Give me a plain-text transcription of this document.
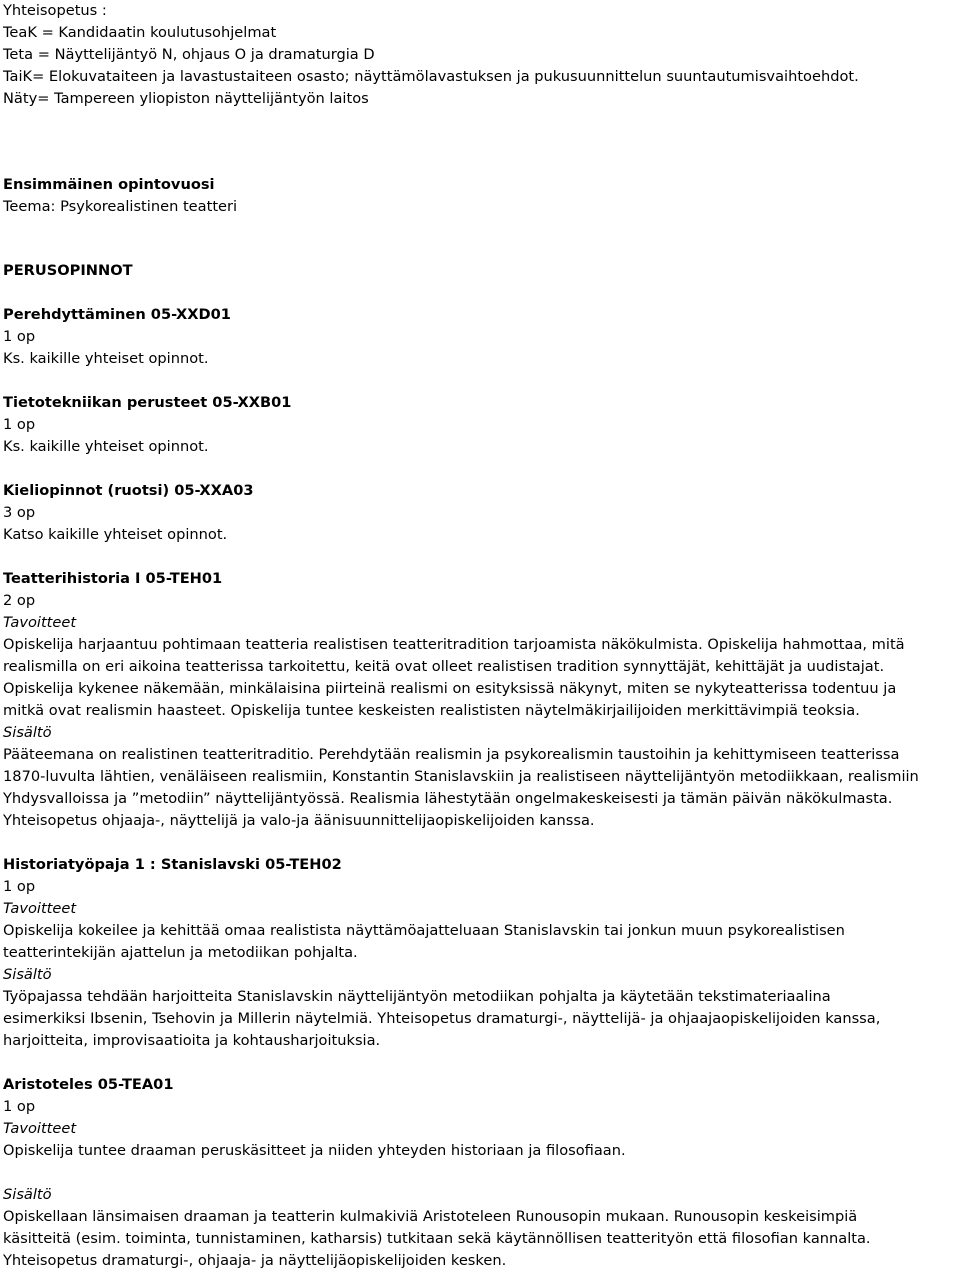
Yhteisopetus :
TeaK = Kandidaatin koulutusohjelmat
Teta = Näyttelijäntyö N, ohjaus O ja dramaturgia D
TaiK= Elokuvataiteen ja lavastustaiteen osasto; näyttämölavastuksen ja pukusuunnittelun suuntautumisvaihtoehdot.
Näty= Tampereen yliopiston näyttelijäntyön laitos
Ensimmäinen opintovuosi
Teema: Psykorealistinen teatteri
PERUSOPINNOT
Perehdyttäminen 05-XXD01
1 op
Ks. kaikille yhteiset opinnot.
Tietotekniikan perusteet 05-XXB01
1 op
Ks. kaikille yhteiset opinnot.
Kieliopinnot (ruotsi) 05-XXA03
3 op
Katso kaikille yhteiset opinnot.
Teatterihistoria I 05-TEH01
2 op
Tavoitteet
Opiskelija harjaantuu pohtimaan teatteria realistisen teatteritradition tarjoamista näkökulmista. Opiskelija hahmottaa, mitä
realismilla on eri aikoina teatterissa tarkoitettu, keitä ovat olleet realistisen tradition synnyttäjät, kehittäjät ja uudistajat.
Opiskelija kykenee näkemään, minkälaisina piirteinä realismi on esityksissä näkynyt, miten se nykyteatterissa todentuu ja
mitkä ovat realismin haasteet. Opiskelija tuntee keskeisten realististen näytelmäkirjailijoiden merkittävimpiä teoksia.
Sisältö
Pääteemana on realistinen teatteritraditio. Perehdytään realismin ja psykorealismin taustoihin ja kehittymiseen teatterissa
1870-luvulta lähtien, venäläiseen realismiin, Konstantin Stanislavskiin ja realistiseen näyttelijäntyön metodiikkaan, realismiin
Yhdysvalloissa ja ”metodiin” näyttelijäntyössä. Realismia lähestytään ongelmakeskeisesti ja tämän päivän näkökulmasta.
Yhteisopetus ohjaaja-, näyttelijä ja valo-ja äänisuunnittelijaopiskelijoiden kanssa.
Historiatyöpaja 1 : Stanislavski 05-TEH02
1 op
Tavoitteet
Opiskelija kokeilee ja kehittää omaa realistista näyttämöajatteluaan Stanislavskin tai jonkun muun psykorealistisen
teatterintekijän ajattelun ja metodiikan pohjalta.
Sisältö
Työpajassa tehdään harjoitteita Stanislavskin näyttelijäntyön metodiikan pohjalta ja käytetään tekstimateriaalina
esimerkiksi Ibsenin, Tsehovin ja Millerin näytelmiä. Yhteisopetus dramaturgi-, näyttelijä- ja ohjaajaopiskelijoiden kanssa,
harjoitteita, improvisaatioita ja kohtausharjoituksia.
Aristoteles 05-TEA01
1 op
Tavoitteet
Opiskelija tuntee draaman peruskäsitteet ja niiden yhteyden historiaan ja filosofiaan.
Sisältö
Opiskellaan länsimaisen draaman ja teatterin kulmakiviä Aristoteleen Runousopin mukaan. Runousopin keskeisimpiä
käsitteitä (esim. toiminta, tunnistaminen, katharsis) tutkitaan sekä käytännöllisen teatterityön että filosofian kannalta.
Yhteisopetus dramaturgi-, ohjaaja- ja näyttelijäopiskelijoiden kesken.
